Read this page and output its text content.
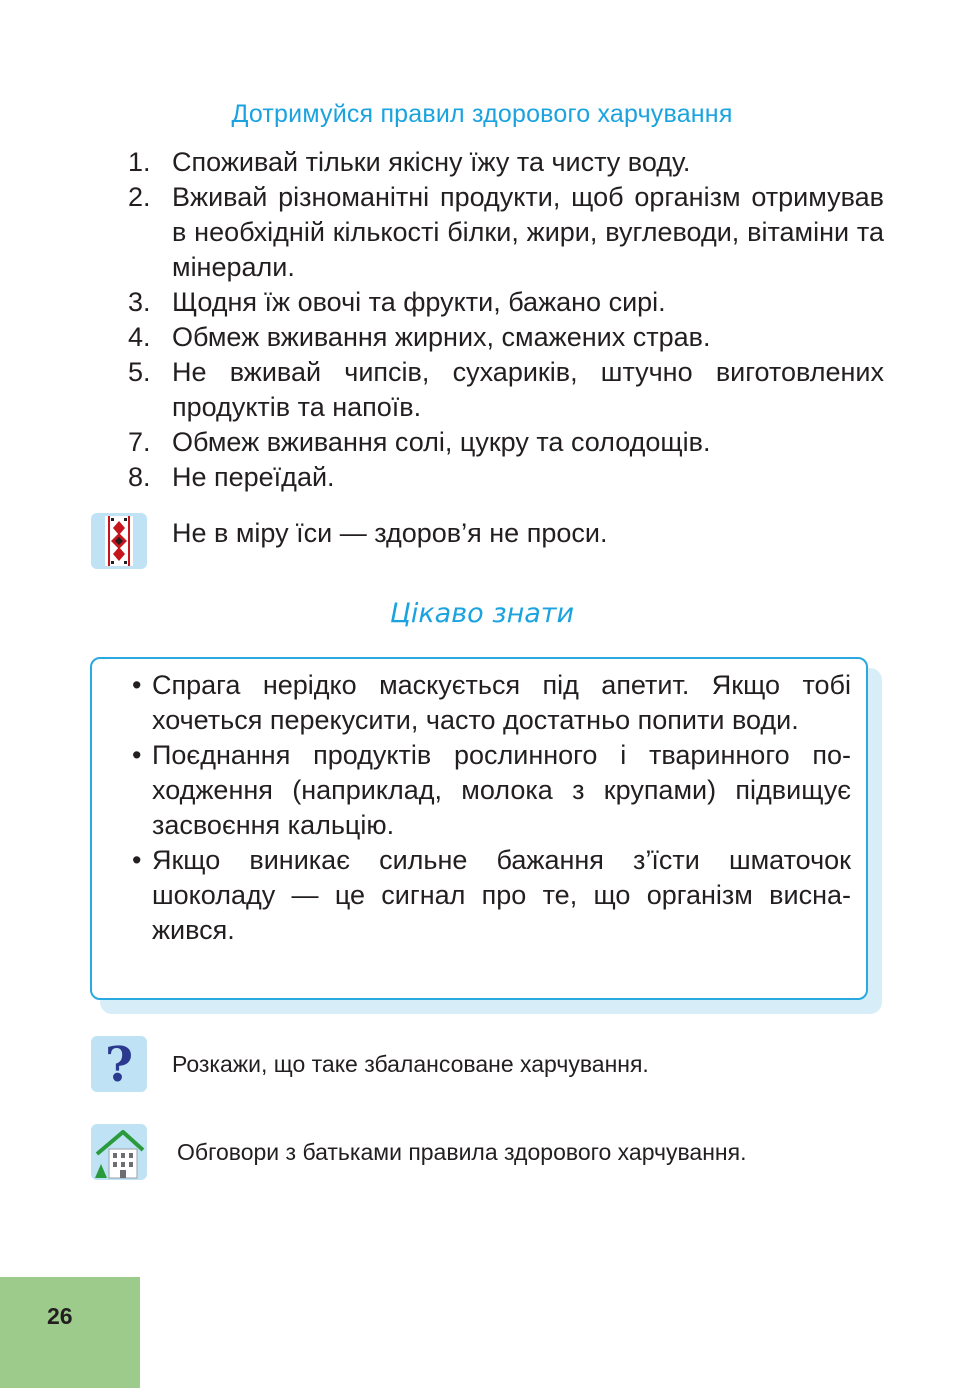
Дотримуйся правил здорового харчування
1. Споживай тільки якісну їжу та чисту воду.
2. Вживай різноманітні продукти, щоб організм отримував в необхідній кількості білки, жири, вуглеводи, вітаміни та мінерали.
3. Щодня їж овочі та фрукти, бажано сирі.
4. Обмеж вживання жирних, смажених страв.
5. Не вживай чипсів, сухариків, штучно виготовлених продуктів та напоїв.
7. Обмеж вживання солі, цукру та солодощів.
8. Не переїдай.
Не в міру їси — здоров’я не проси.
Цікаво знати
• Спрага нерідко маскується під апетит. Якщо тобі хочеться перекусити, часто достатньо попити води.
• Поєднання продуктів рослинного і тваринного походження (наприклад, молока з крупами) підвищує засвоєння кальцію.
• Якщо виникає сильне бажання з’їсти шматочок шоколаду — це сигнал про те, що організм виснажився.
?	Розкажи, що таке збалансоване харчування.
Обговори з батьками правила здорового харчування.
26
